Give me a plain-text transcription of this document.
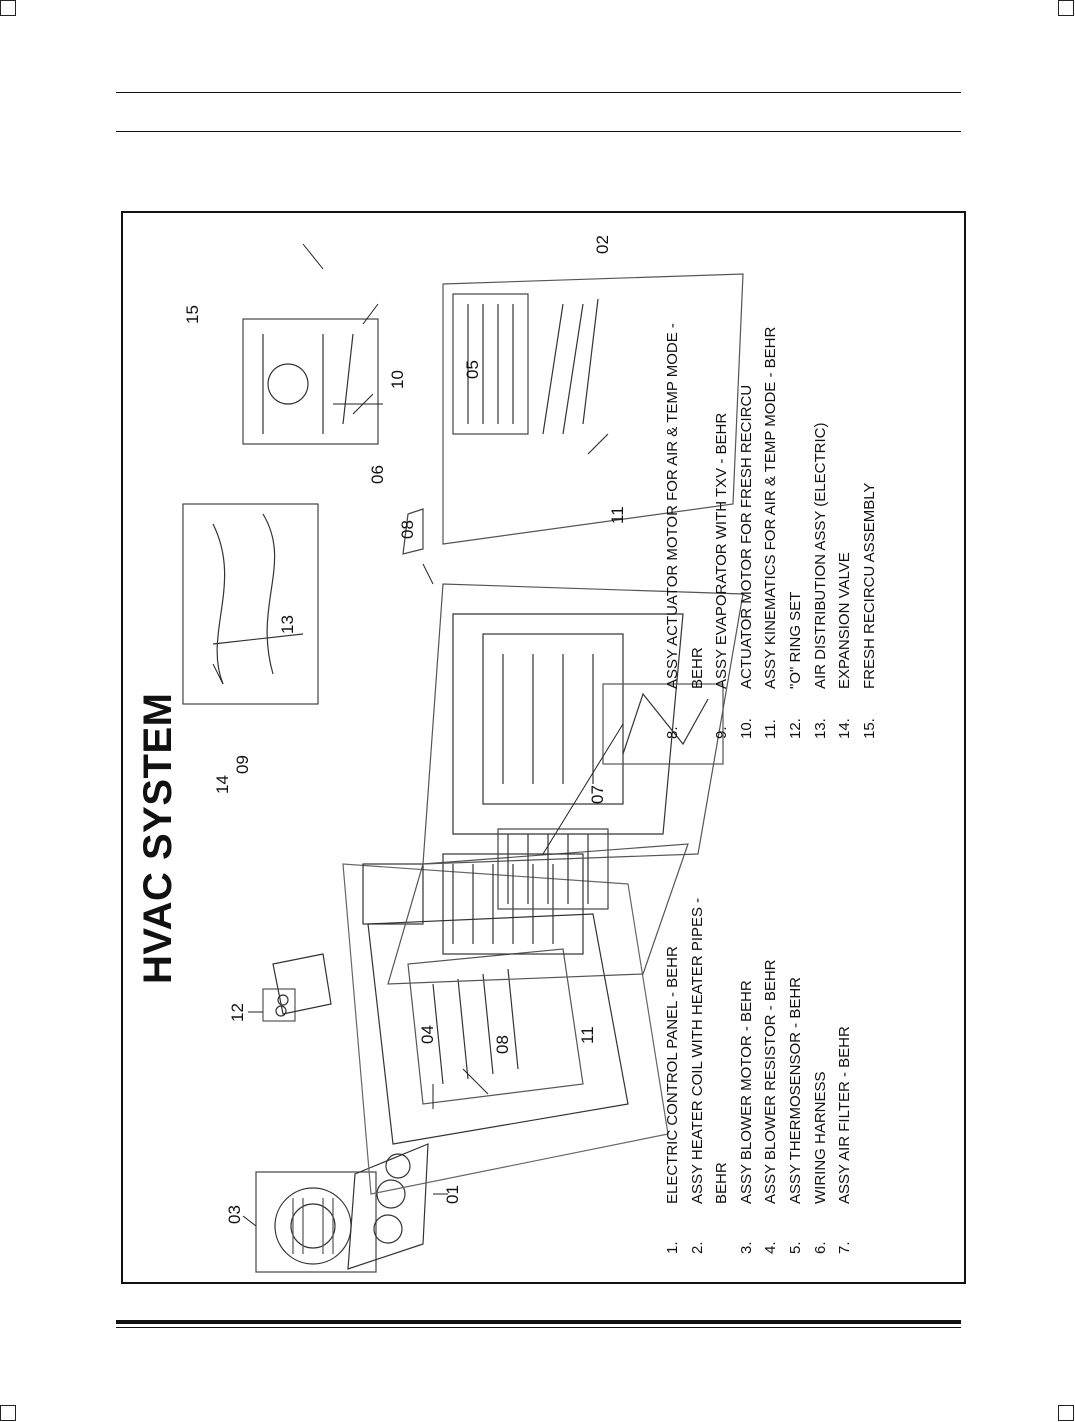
HVAC SYSTEM
03
01
12
04
08	11
14
09
07
13
08
11
06
05
10
15
02
1.
ELECTRIC CONTROL PANEL - BEHR
2.
ASSY HEATER COIL WITH HEATER PIPES - BEHR
3.
ASSY BLOWER MOTOR - BEHR
4.
ASSY BLOWER RESISTOR - BEHR
5.
ASSY THERMOSENSOR - BEHR
6.
WIRING HARNESS
7.
ASSY AIR FILTER - BEHR
8.
ASSY ACTUATOR MOTOR FOR AIR & TEMP MODE - BEHR
9.
ASSY EVAPORATOR WITH TXV - BEHR
10.
ACTUATOR MOTOR FOR FRESH RECIRCU
11.
ASSY KINEMATICS FOR AIR & TEMP MODE - BEHR
12.
"O" RING SET
13.
AIR DISTRIBUTION ASSY (ELECTRIC)
14.
EXPANSION VALVE
15.
FRESH RECIRCU ASSEMBLY
